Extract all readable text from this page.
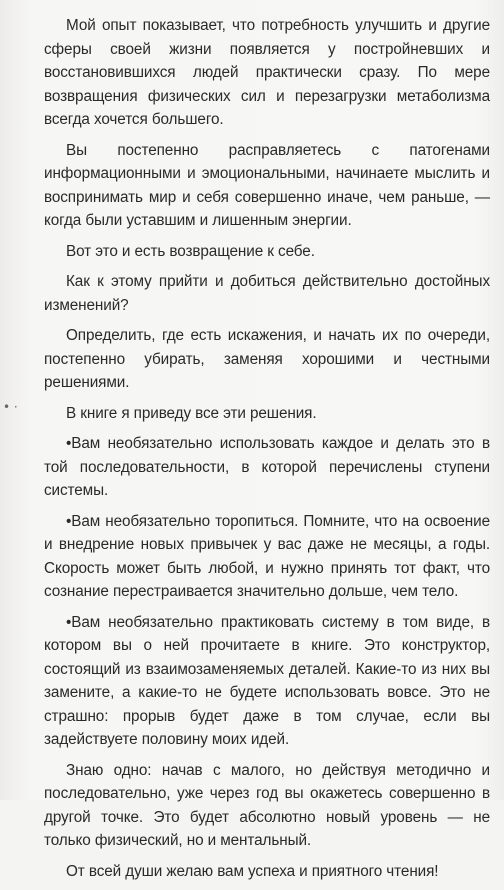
• ·

Мой опыт показывает, что потребность улучшить и другие сферы своей жизни появляется у постройневших и восстановившихся людей практически сразу. По мере возвращения физических сил и перезагрузки метаболизма всегда хочется большего.

Вы постепенно расправляетесь с патогенами информационными и эмоциональными, начинаете мыслить и воспринимать мир и себя совершенно иначе, чем раньше, — когда были уставшим и лишенным энергии.

Вот это и есть возвращение к себе.

Как к этому прийти и добиться действительно достойных изменений?

Определить, где есть искажения, и начать их по очереди, постепенно убирать, заменяя хорошими и честными решениями.

В книге я приведу все эти решения.

•Вам необязательно использовать каждое и делать это в той последовательности, в которой перечислены ступени системы.

•Вам необязательно торопиться. Помните, что на освоение и внедрение новых привычек у вас даже не месяцы, а годы. Скорость может быть любой, и нужно принять тот факт, что сознание перестраивается значительно дольше, чем тело.

•Вам необязательно практиковать систему в том виде, в котором вы о ней прочитаете в книге. Это конструктор, состоящий из взаимозаменяемых деталей. Какие-то из них вы замените, а какие-то не будете использовать вовсе. Это не страшно: прорыв будет даже в том случае, если вы задействуете половину моих идей.

Знаю одно: начав с малого, но действуя методично и последовательно, уже через год вы окажетесь совершенно в другой точке. Это будет абсолютно новый уровень — не только физический, но и ментальный.

От всей души желаю вам успеха и приятного чтения!
